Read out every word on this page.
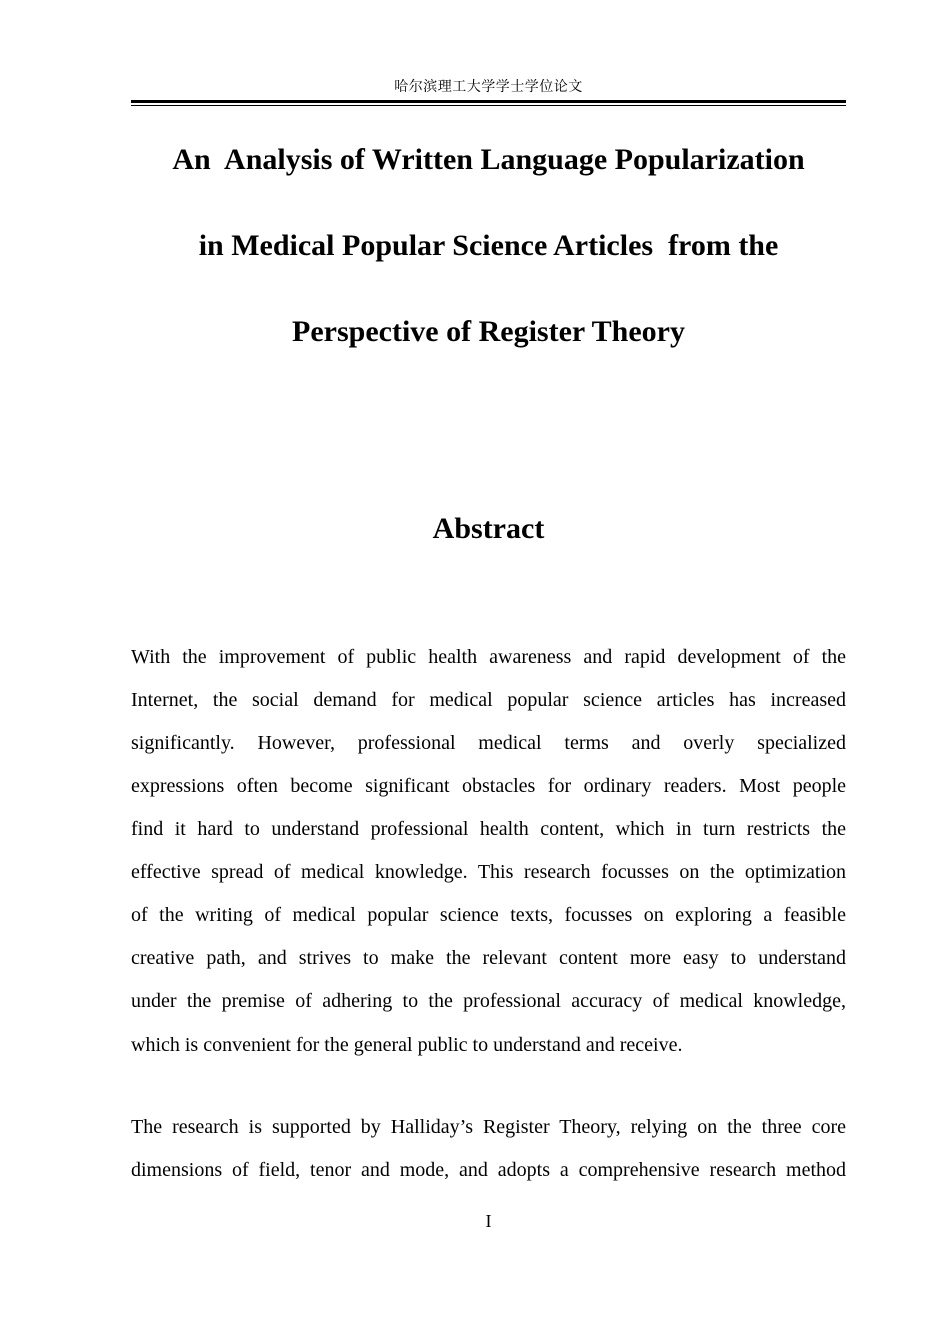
哈尔滨理工大学学士学位论文
An  Analysis of Written Language Popularization
in Medical Popular Science Articles  from the
Perspective of Register Theory
Abstract
With the improvement of public health awareness and rapid development of the
Internet, the social demand for medical popular science articles has increased
significantly. However, professional medical terms and overly specialized
expressions often become significant obstacles for ordinary readers. Most people
find it hard to understand professional health content, which in turn restricts the
effective spread of medical knowledge. This research focusses on the optimization
of the writing of medical popular science texts, focusses on exploring a feasible
creative path, and strives to make the relevant content more easy to understand
under the premise of adhering to the professional accuracy of medical knowledge,
which is convenient for the general public to understand and receive.
The research is supported by Halliday’s Register Theory, relying on the three core
dimensions of field, tenor and mode, and adopts a comprehensive research method
I
